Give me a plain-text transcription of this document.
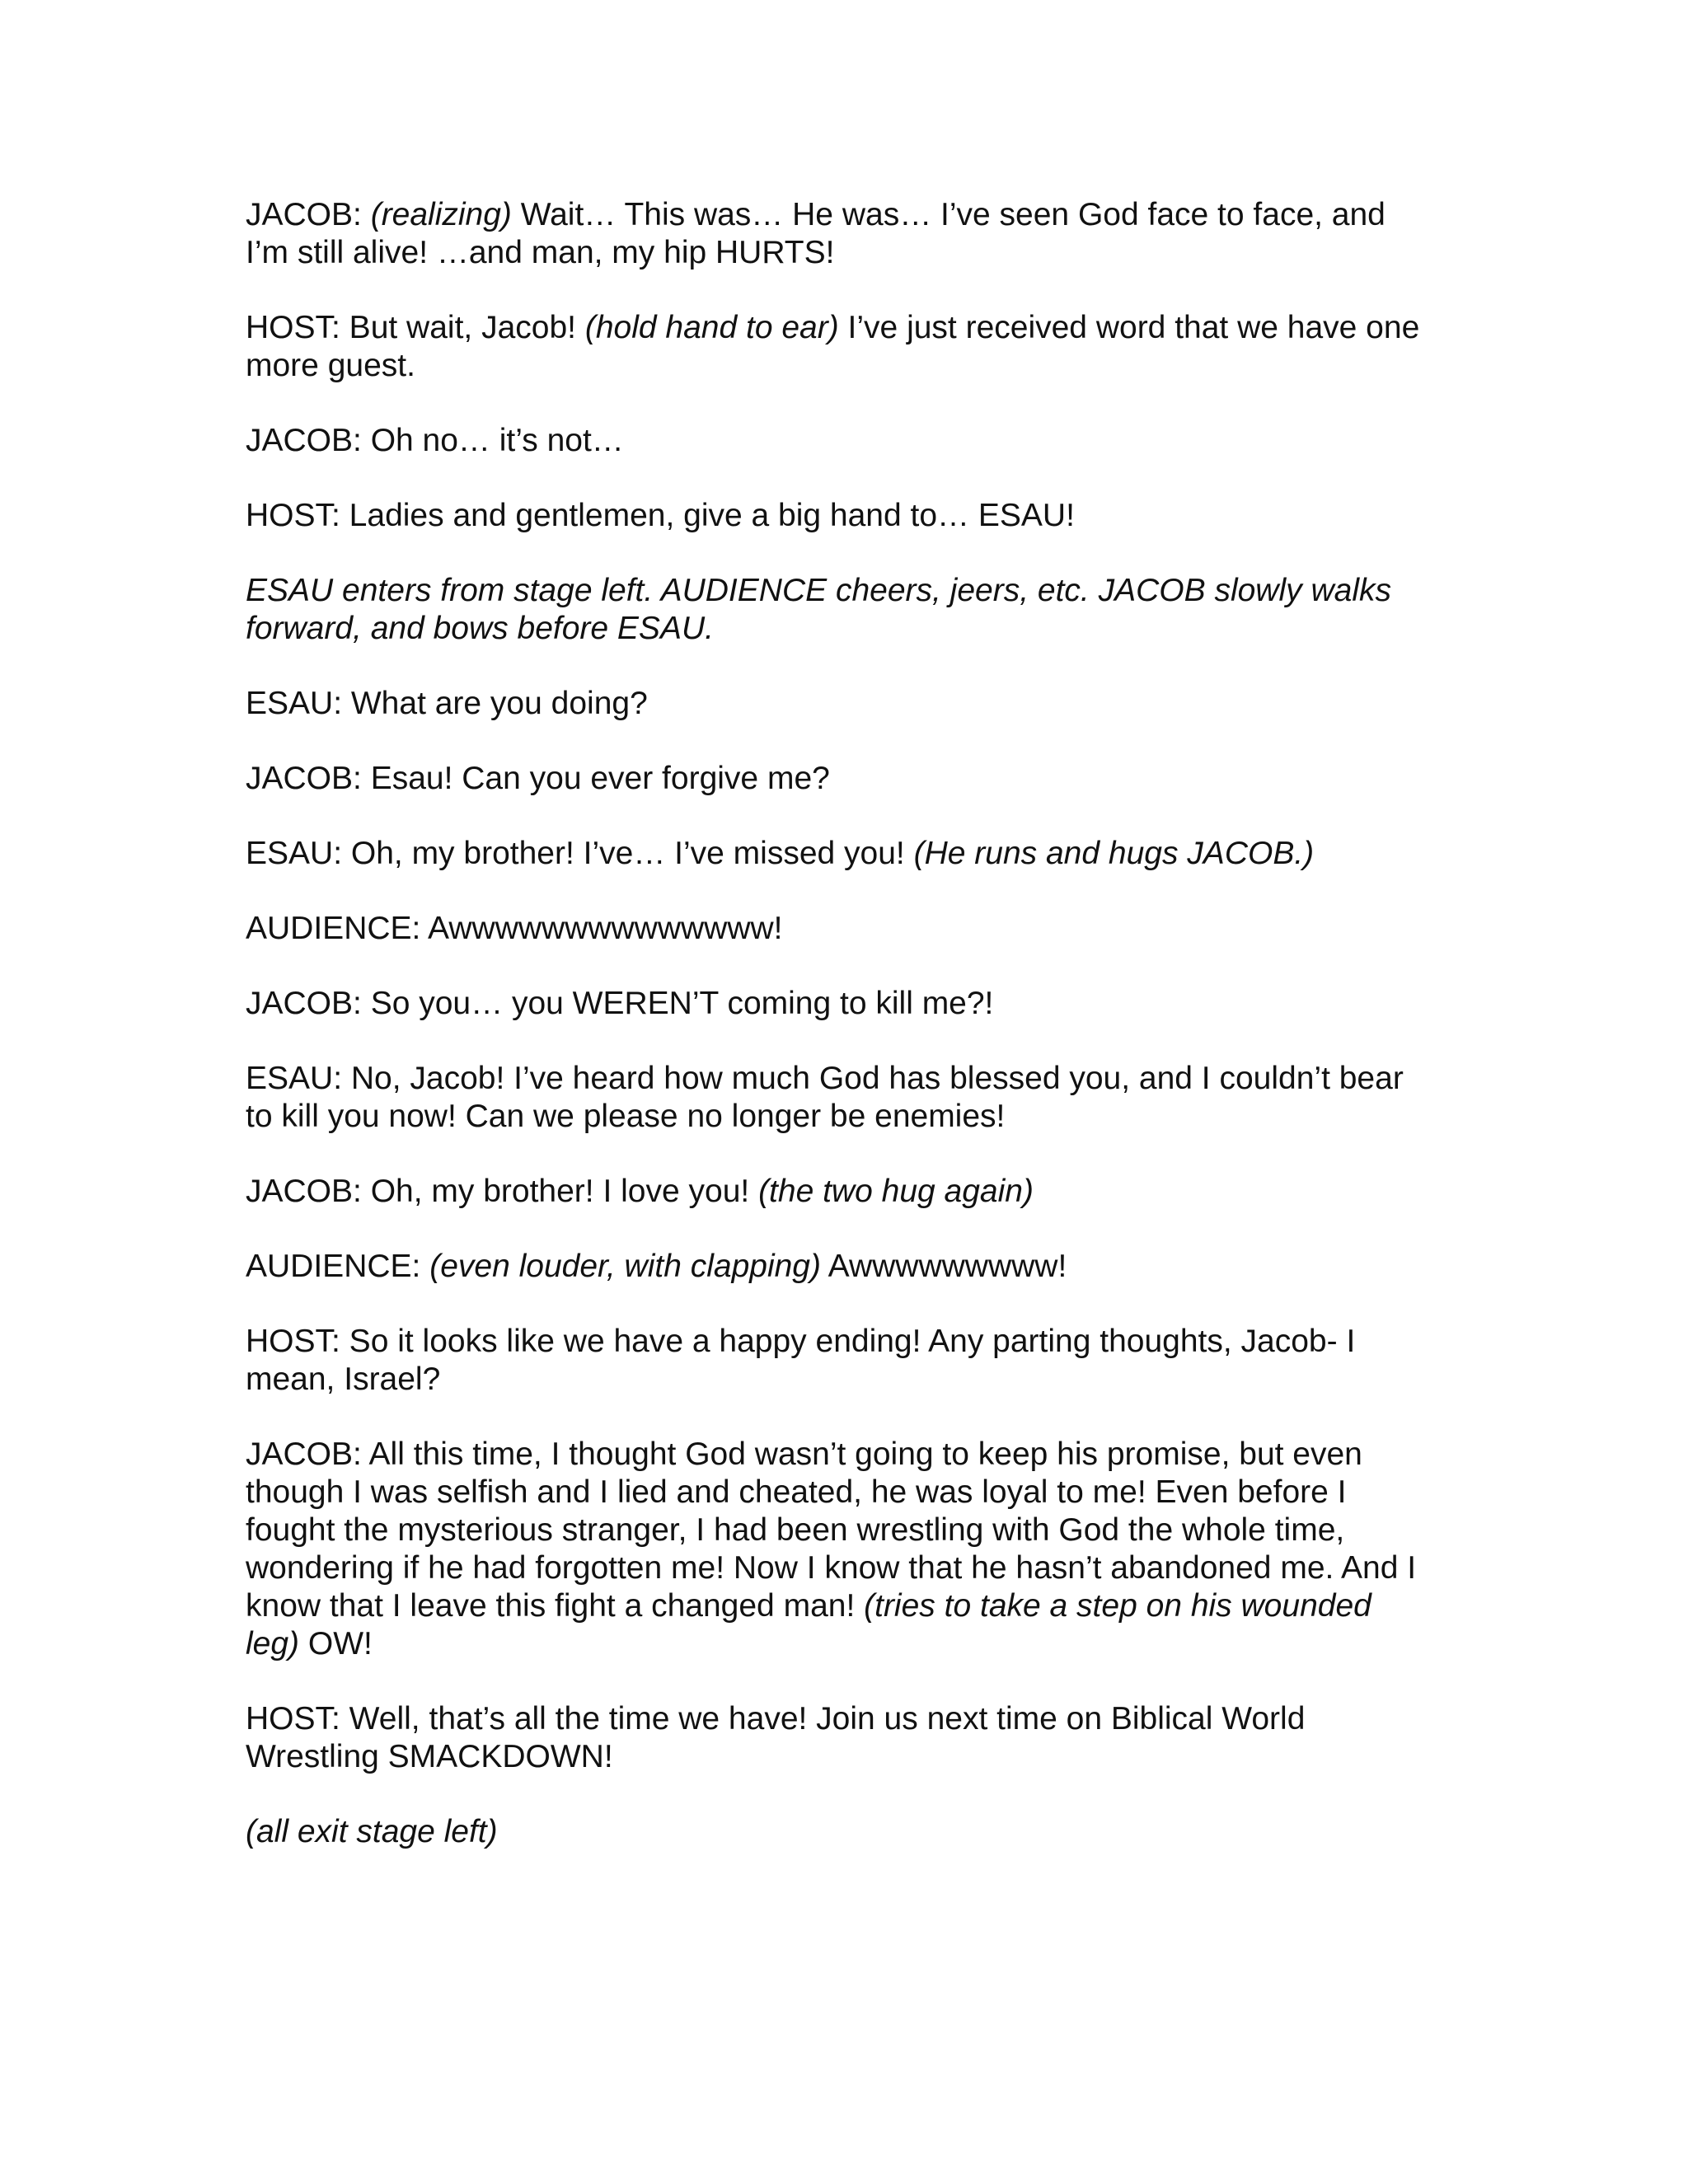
JACOB: (realizing) Wait… This was… He was… I’ve seen God face to face, and I’m still alive! …and man, my hip HURTS!

HOST: But wait, Jacob! (hold hand to ear) I’ve just received word that we have one more guest.

JACOB: Oh no… it’s not…

HOST: Ladies and gentlemen, give a big hand to… ESAU!

ESAU enters from stage left. AUDIENCE cheers, jeers, etc. JACOB slowly walks forward, and bows before ESAU.

ESAU: What are you doing?

JACOB: Esau! Can you ever forgive me?

ESAU: Oh, my brother! I’ve… I’ve missed you! (He runs and hugs JACOB.)

AUDIENCE: Awwwwwwwwwwwwww!

JACOB: So you… you WEREN’T coming to kill me?!

ESAU: No, Jacob! I’ve heard how much God has blessed you, and I couldn’t bear to kill you now! Can we please no longer be enemies!

JACOB: Oh, my brother! I love you! (the two hug again)

AUDIENCE: (even louder, with clapping) Awwwwwwwww!

HOST: So it looks like we have a happy ending! Any parting thoughts, Jacob- I mean, Israel?

JACOB: All this time, I thought God wasn’t going to keep his promise, but even though I was selfish and I lied and cheated, he was loyal to me! Even before I fought the mysterious stranger, I had been wrestling with God the whole time, wondering if he had forgotten me! Now I know that he hasn’t abandoned me. And I know that I leave this fight a changed man! (tries to take a step on his wounded leg) OW!

HOST: Well, that’s all the time we have! Join us next time on Biblical World Wrestling SMACKDOWN!

(all exit stage left)
